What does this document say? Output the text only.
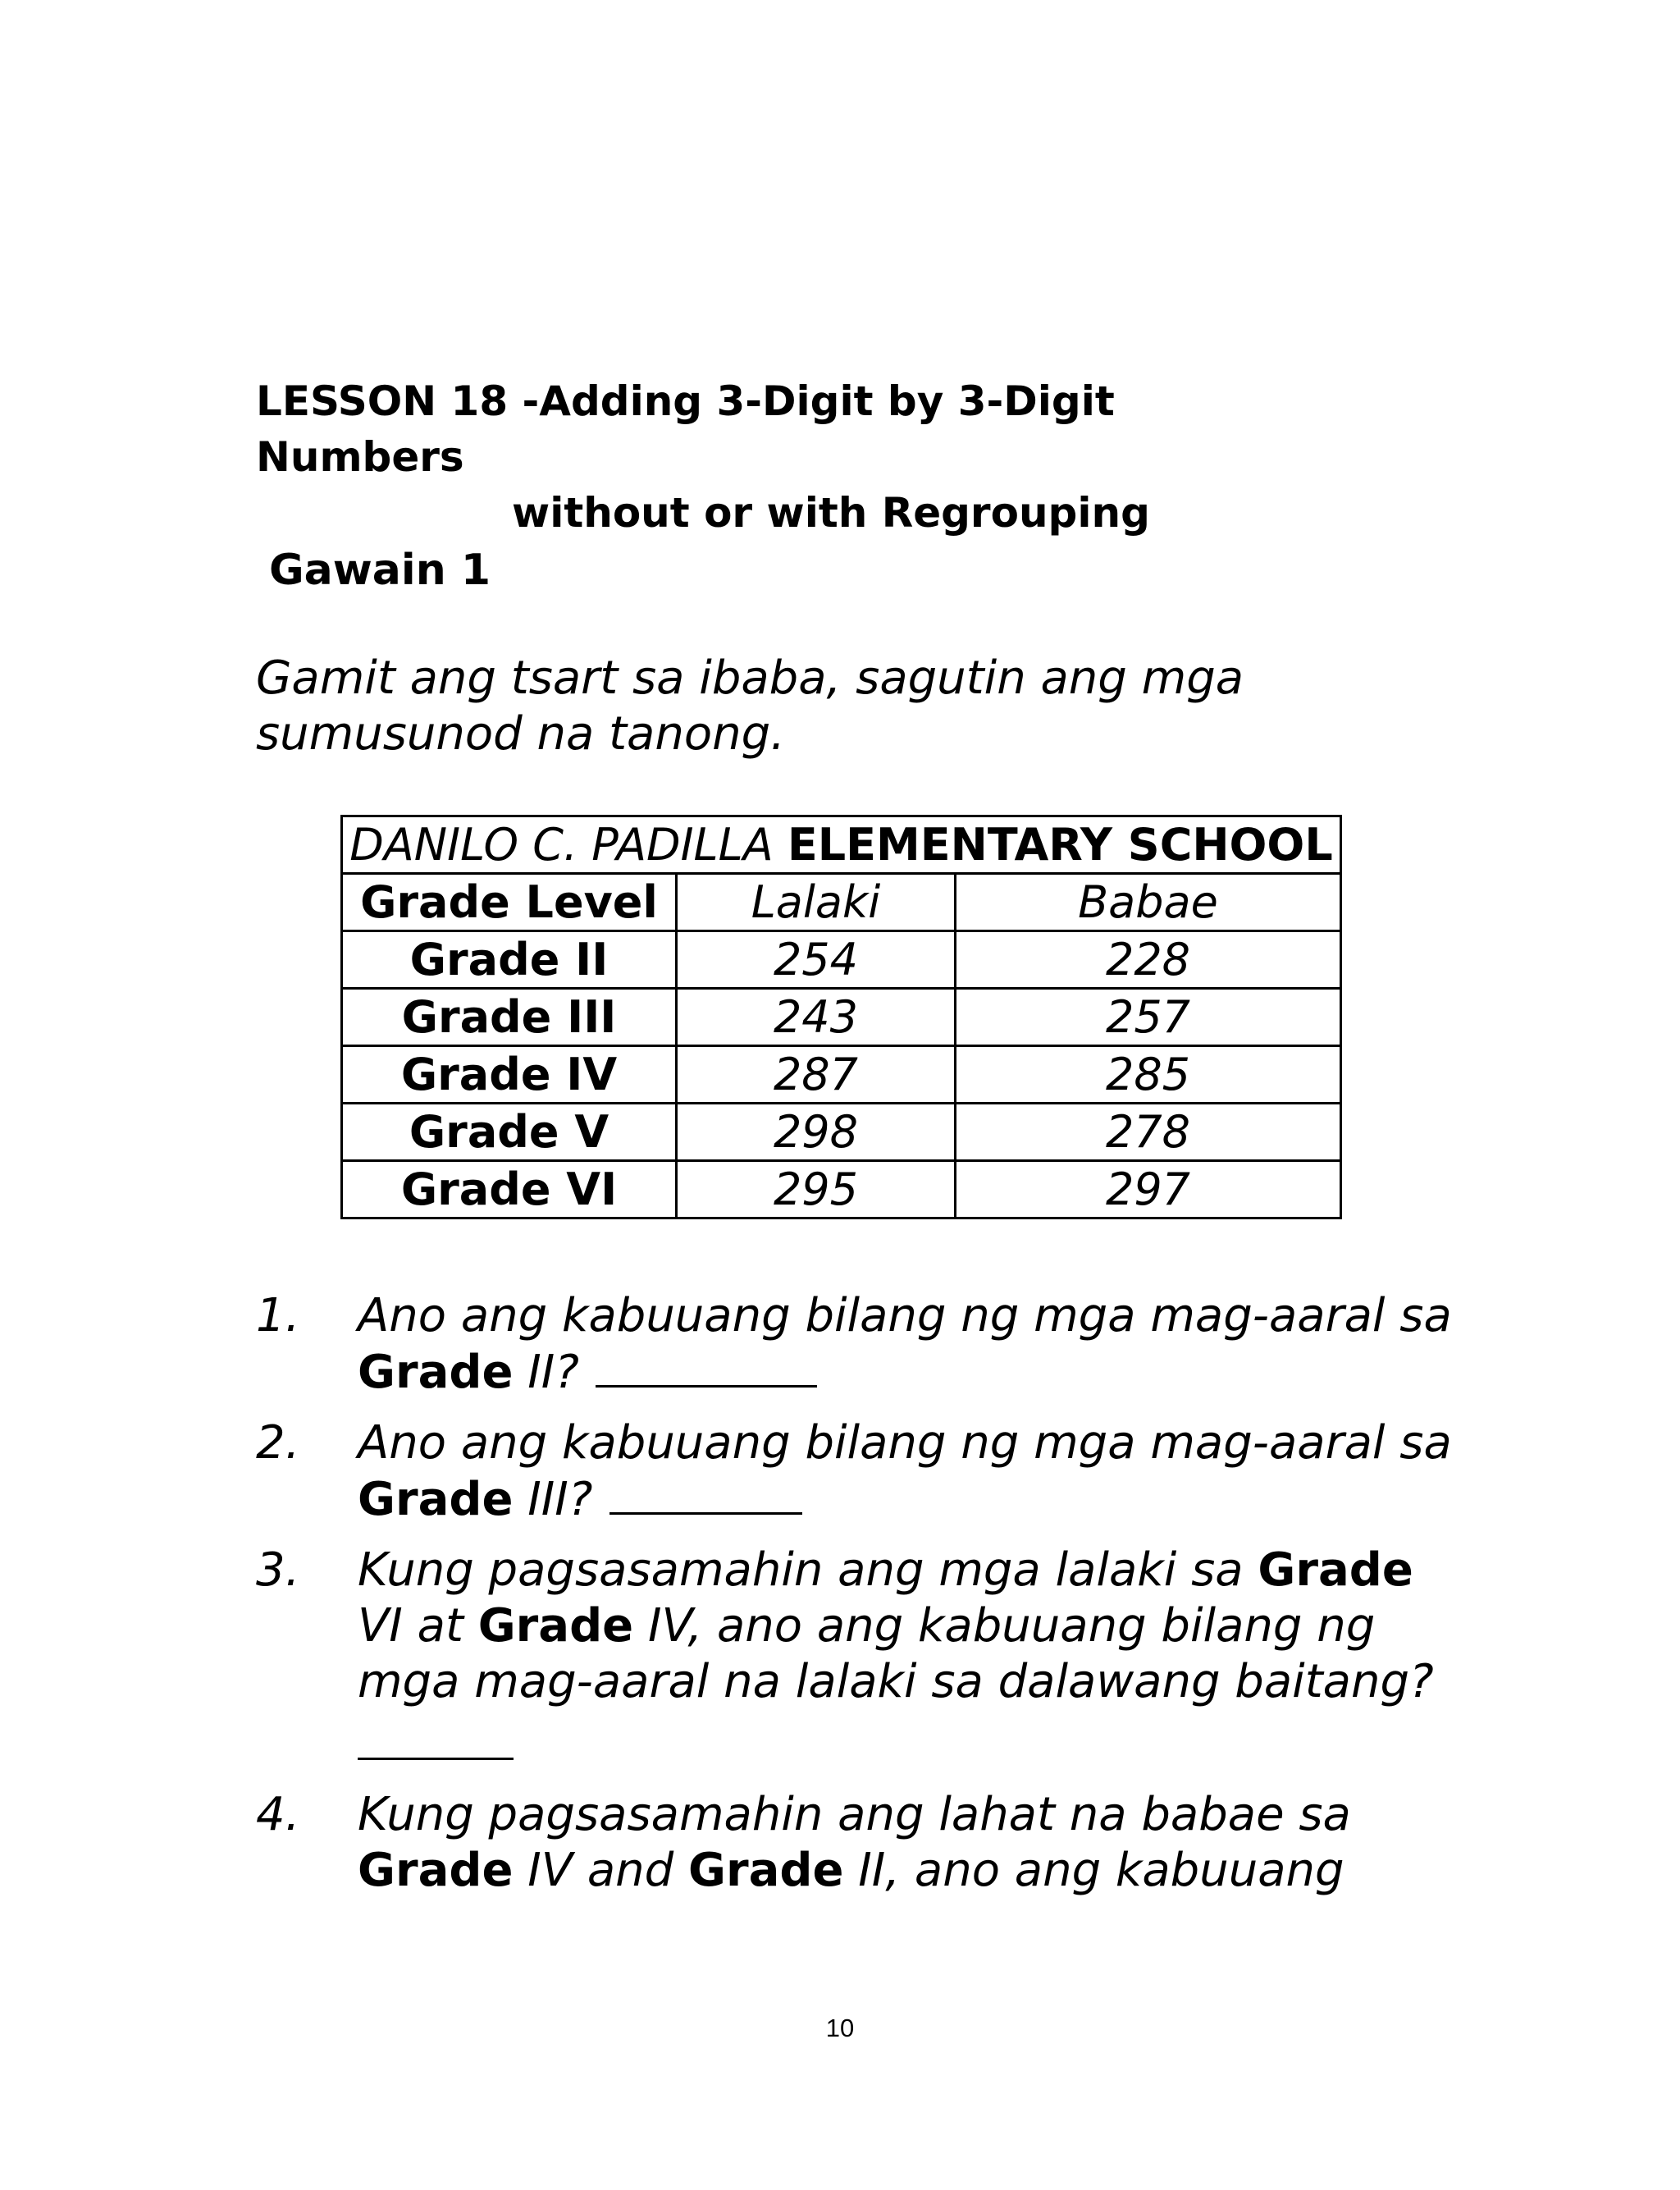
LESSON 18 -Adding 3-Digit by 3-Digit Numbers
without or with Regrouping
Gawain 1

Gamit ang tsart sa ibaba, sagutin ang mga sumusunod na tanong.

DANILO C. PADILLA ELEMENTARY SCHOOL		
Grade Level	Lalaki	Babae
Grade II	254	228
Grade III	243	257
Grade IV	287	285
Grade V	298	278
Grade VI	295	297
1. Ano ang kabuuang bilang ng mga mag-aaral sa Grade II?
2. Ano ang kabuuang bilang ng mga mag-aaral sa Grade III?
3. Kung pagsasamahin ang mga lalaki sa Grade VI at Grade IV, ano ang kabuuang bilang ng mga mag-aaral na lalaki sa dalawang baitang?
4. Kung pagsasamahin ang lahat na babae sa Grade IV and Grade II, ano ang kabuuang
10
